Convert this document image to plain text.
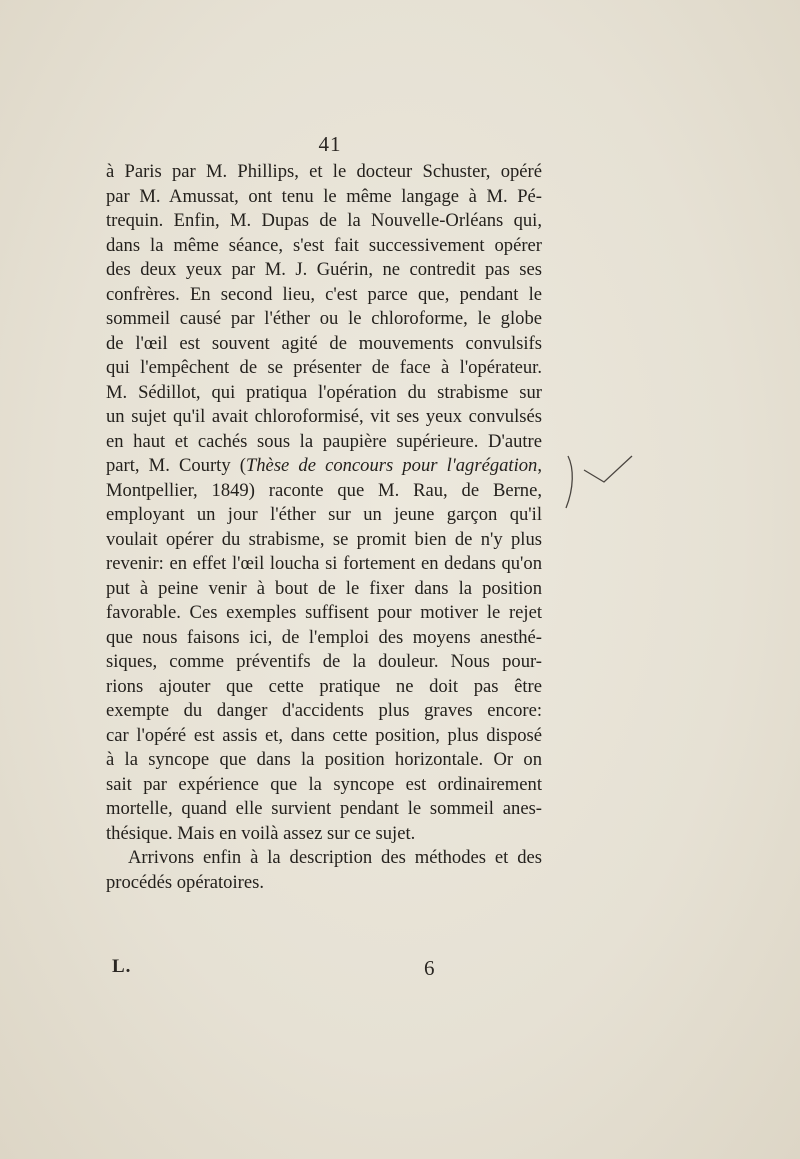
41
à Paris par M. Phillips, et le docteur Schuster, opéré
par M. Amussat, ont tenu le même langage à M. Pé-
trequin. Enfin, M. Dupas de la Nouvelle-Orléans qui,
dans la même séance, s'est fait successivement opérer
des deux yeux par M. J. Guérin, ne contredit pas ses
confrères. En second lieu, c'est parce que, pendant le
sommeil causé par l'éther ou le chloroforme, le globe
de l'œil est souvent agité de mouvements convulsifs
qui l'empêchent de se présenter de face à l'opérateur.
M. Sédillot, qui pratiqua l'opération du strabisme sur
un sujet qu'il avait chloroformisé, vit ses yeux convulsés
en haut et cachés sous la paupière supérieure. D'autre
part, M. Courty (Thèse de concours pour l'agrégation,
Montpellier, 1849) raconte que M. Rau, de Berne,
employant un jour l'éther sur un jeune garçon qu'il
voulait opérer du strabisme, se promit bien de n'y plus
revenir: en effet l'œil loucha si fortement en dedans qu'on
put à peine venir à bout de le fixer dans la position
favorable. Ces exemples suffisent pour motiver le rejet
que nous faisons ici, de l'emploi des moyens anesthé-
siques, comme préventifs de la douleur. Nous pour-
rions ajouter que cette pratique ne doit pas être
exempte du danger d'accidents plus graves encore:
car l'opéré est assis et, dans cette position, plus disposé
à la syncope que dans la position horizontale. Or on
sait par expérience que la syncope est ordinairement
mortelle, quand elle survient pendant le sommeil anes-
thésique. Mais en voilà assez sur ce sujet.
Arrivons enfin à la description des méthodes et des
procédés opératoires.
L.	6
